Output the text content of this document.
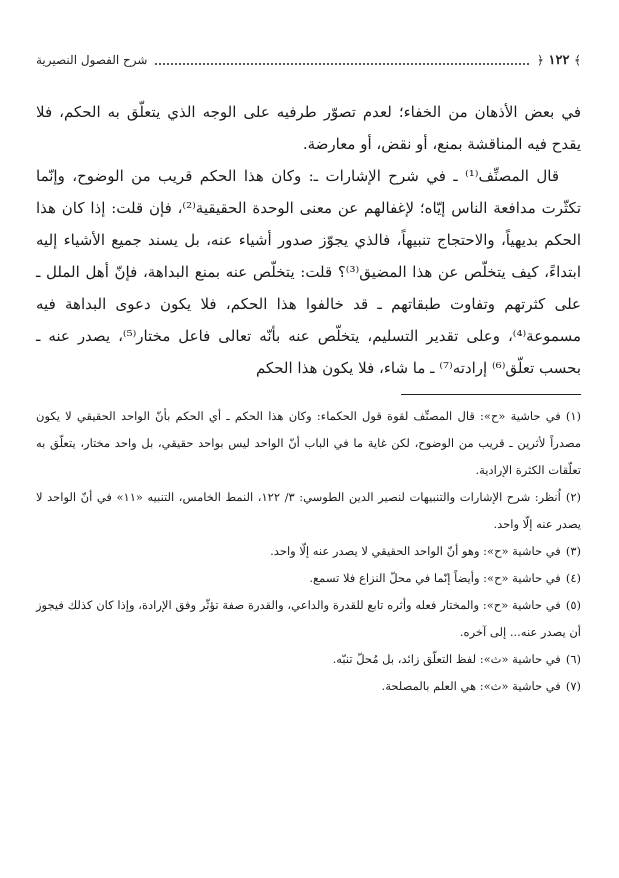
﴾ ١٢٢ ﴿
شرح الفصول النصيرية

في بعض الأذهان من الخفاء؛ لعدم تصوّر طرفيه على الوجه الذي يتعلّق به الحكم، فلا يقدح فيه المناقشة بمنع، أو نقض، أو معارضة.

قال المصنِّف⁽¹⁾ ـ في شرح الإشارات ـ: وكان هذا الحكم قريب من الوضوح، وإنّما تكثّرت مدافعة الناس إيّاه؛ لإغفالهم عن معنى الوحدة الحقيقية⁽²⁾، فإن قلت: إذا كان هذا الحكم بديهياً، والاحتجاج تنبيهاً، فالذي يجوّز صدور أشياء عنه، بل يسند جميع الأشياء إليه ابتداءً، كيف يتخلّص عن هذا المضيق⁽³⁾؟ قلت: يتخلّص عنه بمنع البداهة، فإنّ أهل الملل ـ على كثرتهم وتفاوت طبقاتهم ـ قد خالفوا هذا الحكم، فلا يكون دعوى البداهة فيه مسموعة⁽⁴⁾، وعلى تقدير التسليم، يتخلّص عنه بأنّه تعالى فاعل مختار⁽⁵⁾، يصدر عنه ـ بحسب تعلّق⁽⁶⁾ إرادته⁽⁷⁾ ـ ما شاء، فلا يكون هذا الحكم

(١)في حاشية «ح»: قال المصنِّف لقوة قول الحكماء: وكان هذا الحكم ـ أي الحكم بأنّ الواحد الحقيقي لا يكون مصدراً لأثرين ـ قريب من الوضوح، لكن غاية ما في الباب أنّ الواحد ليس بواحد حقيقي، بل واحد مختار، يتعلّق به تعلّقات الكثرة الإرادية.

(٢)اُنظر: شرح الإشارات والتنبيهات لنصير الدين الطوسي: ٣/ ١٢٢، النمط الخامس، التنبيه «١١» في أنّ الواحد لا يصدر عنه إلّا واحد.

(٣)في حاشية «ح»: وهو أنّ الواحد الحقيقي لا يصدر عنه إلّا واحد.

(٤)في حاشية «ح»: وأيضاً إنّما في محلّ النزاع فلا تسمع.

(٥)في حاشية «ح»: والمختار فعله وأثره تابع للقدرة والداعي، والقدرة صفة تؤثّر وفق الإرادة، وإذا كان كذلك فيجوز أن يصدر عنه... إلى آخره.

(٦)في حاشية «ث»: لفظ التعلّق زائد، بل مُحلّ تنبّه.

(٧)في حاشية «ث»: هي العلم بالمصلحة.
